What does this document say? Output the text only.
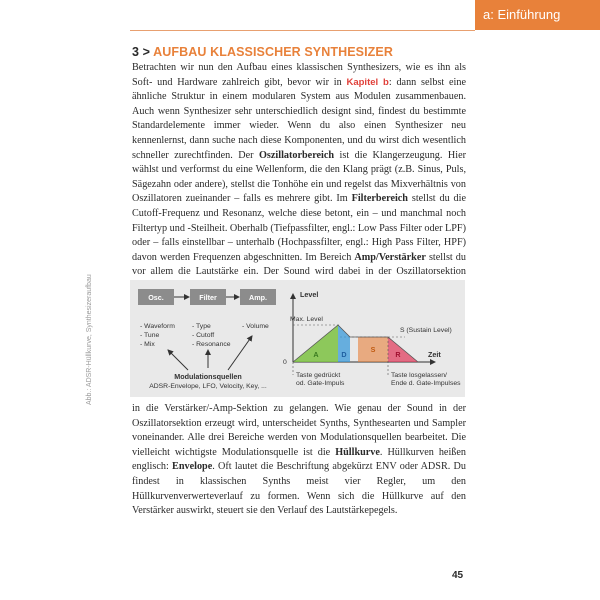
a: Einführung
Abb.: ADSR-Hüllkurve, Synthesizeraufbau
3 > AUFBAU KLASSISCHER SYNTHESIZER

Betrachten wir nun den Aufbau eines klassischen Synthesizers, wie es ihn als Soft- und Hardware zahlreich gibt, bevor wir in Kapitel b: dann selbst eine ähnliche Struktur in einem modularen System aus Modulen zusammenbauen. Auch wenn Synthesizer sehr unterschiedlich designt sind, findest du bestimmte Standardelemente immer wieder. Wenn du also einen Synthesizer neu kennenlernst, dann suche nach diese Komponenten, und du wirst dich wesentlich schneller zurechtfinden. Der Oszillatorbereich ist die Klangerzeugung. Hier wählst und verformst du eine Wellenform, die den Klang prägt (z.B. Sinus, Puls, Sägezahn oder andere), stellst die Tonhöhe ein und regelst das Mixverhältnis von Oszillatoren zueinander – falls es mehrere gibt. Im Filterbereich stellst du die Cutoff-Frequenz und Resonanz, welche diese betont, ein – und manchmal noch Filtertyp und -Steilheit. Oberhalb (Tiefpassfilter, engl.: Low Pass Filter oder LPF) oder – falls einstellbar – unterhalb (Hochpassfilter, engl.: High Pass Filter, HPF) davon werden Frequenzen abgeschnitten. Im Bereich Amp/Verstärker stellst du vor allem die Lautstärke ein. Der Sound wird dabei in der Oszillatorsektion

Osc.	Filter	Amp.
- Waveform
- Tune
- Mix
- Type
- Cutoff
- Resonance
- Volume
Modulationsquellen
ADSR-Envelope, LFO, Velocity, Key, ...
Level
Max. Level
0
Zeit
A	D
S
R
S (Sustain Level)
Taste gedrückt
od. Gate-Impuls
Taste losgelassen/
Ende d. Gate-Impulses

in die Verstärker/-Amp-Sektion zu gelangen. Wie genau der Sound in der Oszillatorsektion erzeugt wird, unterscheidet Synths, Synthesearten und Sampler voneinander. Alle drei Bereiche werden von Modulationsquellen bearbeitet. Die vielleicht wichtigste Modulationsquelle ist die Hüllkurve. Hüllkurven heißen englisch: Envelope. Oft lautet die Beschriftung abgekürzt ENV oder ADSR. Du findest in klassischen Synths meist vier Regler, um den Hüllkurvenverwerteverlauf zu formen. Wenn sich die Hüllkurve auf den Verstärker auswirkt, steuert sie den Verlauf des Lautstärkepegels.

45
